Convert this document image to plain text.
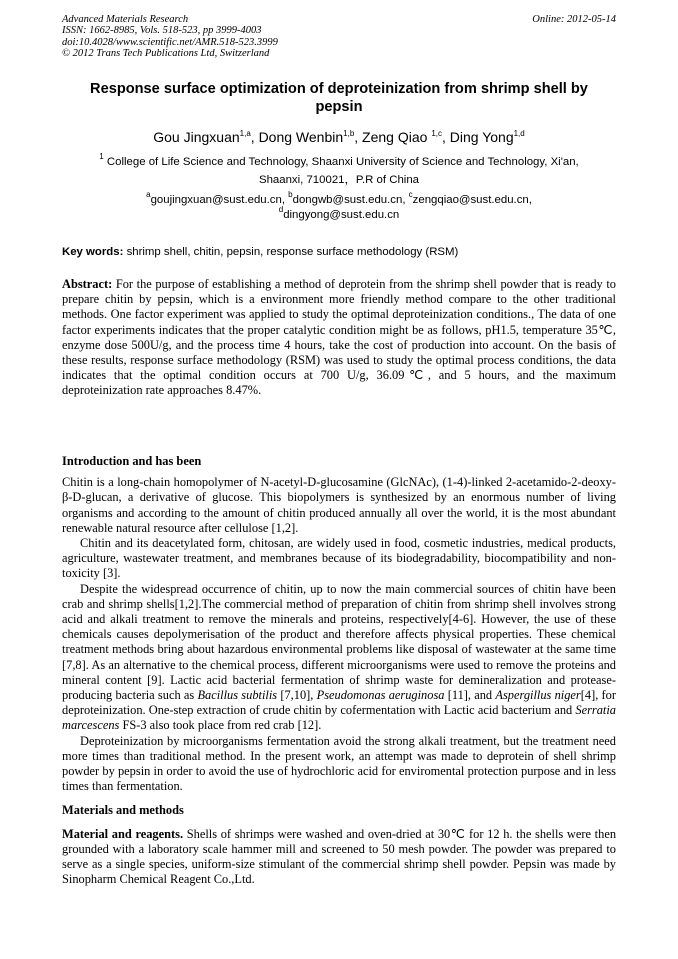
Advanced Materials Research
ISSN: 1662-8985, Vols. 518-523, pp 3999-4003
doi:10.4028/www.scientific.net/AMR.518-523.3999
© 2012 Trans Tech Publications Ltd, Switzerland
Online: 2012-05-14
Response surface optimization of deproteinization from shrimp shell by
pepsin
Gou Jingxuan$^{1,a}$, Dong Wenbin$^{1,b}$, Zeng Qiao $^{1,c}$, Ding Yong$^{1,d}$
$^1$ College of Life Science and Technology, Shaanxi University of Science and Technology, Xi'an,
Shaanxi, 710021，P.R of China
$^a$goujingxuan@sust.edu.cn, $^b$dongwb@sust.edu.cn, $^c$zengqiao@sust.edu.cn,
$^d$dingyong@sust.edu.cn
Key words: shrimp shell, chitin, pepsin, response surface methodology (RSM)

Abstract: For the purpose of establishing a method of deprotein from the shrimp shell powder that is ready to prepare chitin by pepsin, which is a environment more friendly method compare to the other traditional methods. One factor experiment was applied to study the optimal deproteinization conditions., The data of one factor experiments indicates that the proper catalytic condition might be as follows, pH1.5, temperature 35℃, enzyme dose 500U/g, and the process time 4 hours, take the cost of production into account. On the basis of these results, response surface methodology (RSM) was used to study the optimal process conditions, the data indicates that the optimal condition occurs at 700 U/g, 36.09℃, and 5 hours, and the maximum deproteinization rate approaches 8.47%.

Introduction and has been

Chitin is a long-chain homopolymer of N-acetyl-D-glucosamine (GlcNAc), (1-4)-linked 2-acetamido-2-deoxy-β-D-glucan, a derivative of glucose. This biopolymers is synthesized by an enormous number of living organisms and according to the amount of chitin produced annually all over the world, it is the most abundant renewable natural resource after cellulose [1,2].

Chitin and its deacetylated form, chitosan, are widely used in food, cosmetic industries, medical products, agriculture, wastewater treatment, and membranes because of its biodegradability, biocompatibility and non-toxicity [3].

Despite the widespread occurrence of chitin, up to now the main commercial sources of chitin have been crab and shrimp shells[1,2].The commercial method of preparation of chitin from shrimp shell involves strong acid and alkali treatment to remove the minerals and proteins, respectively[4-6]. However, the use of these chemicals causes depolymerisation of the product and therefore affects physical properties. These chemical treatment methods bring about hazardous environmental problems like disposal of wastewater at the same time [7,8]. As an alternative to the chemical process, different microorganisms were used to remove the proteins and mineral content [9]. Lactic acid bacterial fermentation of shrimp waste for demineralization and protease-producing bacteria such as Bacillus subtilis [7,10], Pseudomonas aeruginosa [11], and Aspergillus niger[4], for deproteinization. One-step extraction of crude chitin by cofermentation with Lactic acid bacterium and Serratia marcescens FS-3 also took place from red crab [12].

Deproteinization by microorganisms fermentation avoid the strong alkali treatment, but the treatment need more times than traditional method. In the present work, an attempt was made to deprotein of shell shrimp powder by pepsin in order to avoid the use of hydrochloric acid for enviromental protection purpose and in less times than fermentation.

Materials and methods

Material and reagents. Shells of shrimps were washed and oven-dried at 30℃ for 12 h. the shells were then grounded with a laboratory scale hammer mill and screened to 50 mesh powder. The powder was prepared to serve as a single species, uniform-size stimulant of the commercial shrimp shell powder. Pepsin was made by Sinopharm Chemical Reagent Co.,Ltd.
